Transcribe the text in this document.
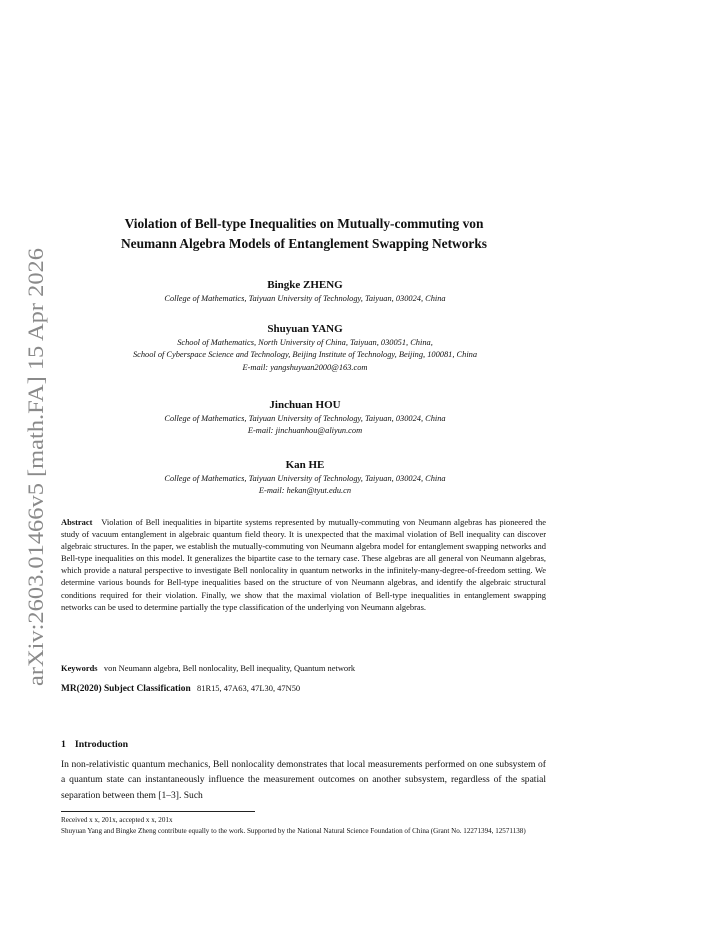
arXiv:2603.01466v5 [math.FA] 15 Apr 2026
Violation of Bell-type Inequalities on Mutually-commuting von
Neumann Algebra Models of Entanglement Swapping Networks
Bingke ZHENG
College of Mathematics, Taiyuan University of Technology, Taiyuan, 030024, China
Shuyuan YANG
School of Mathematics, North University of China, Taiyuan, 030051, China,
School of Cyberspace Science and Technology, Beijing Institute of Technology, Beijing, 100081, China
E-mail: yangshuyuan2000@163.com
Jinchuan HOU
College of Mathematics, Taiyuan University of Technology, Taiyuan, 030024, China
E-mail: jinchuanhou@aliyun.com
Kan HE
College of Mathematics, Taiyuan University of Technology, Taiyuan, 030024, China
E-mail: hekan@tyut.edu.cn

Abstract Violation of Bell inequalities in bipartite systems represented by mutually-commuting von Neumann algebras has pioneered the study of vacuum entanglement in algebraic quantum field theory. It is unexpected that the maximal violation of Bell inequality can discover algebraic structures. In the paper, we establish the mutually-commuting von Neumann algebra model for entanglement swapping networks and Bell-type inequalities on this model. It generalizes the bipartite case to the ternary case. These algebras are all general von Neumann algebras, which provide a natural perspective to investigate Bell nonlocality in quantum networks in the infinitely-many-degree-of-freedom setting. We determine various bounds for Bell-type inequalities based on the structure of von Neumann algebras, and identify the algebraic structural conditions required for their violation. Finally, we show that the maximal violation of Bell-type inequalities in entanglement swapping networks can be used to determine partially the type classification of the underlying von Neumann algebras.

Keywords von Neumann algebra, Bell nonlocality, Bell inequality, Quantum network

MR(2020) Subject Classification 81R15, 47A63, 47L30, 47N50

1 Introduction

In non-relativistic quantum mechanics, Bell nonlocality demonstrates that local measurements performed on one subsystem of a quantum state can instantaneously influence the measurement outcomes on another subsystem, regardless of the spatial separation between them [1–3]. Such

Received x x, 201x, accepted x x, 201x

Shuyuan Yang and Bingke Zheng contribute equally to the work. Supported by the National Natural Science Foundation of China (Grant No. 12271394, 12571138)
